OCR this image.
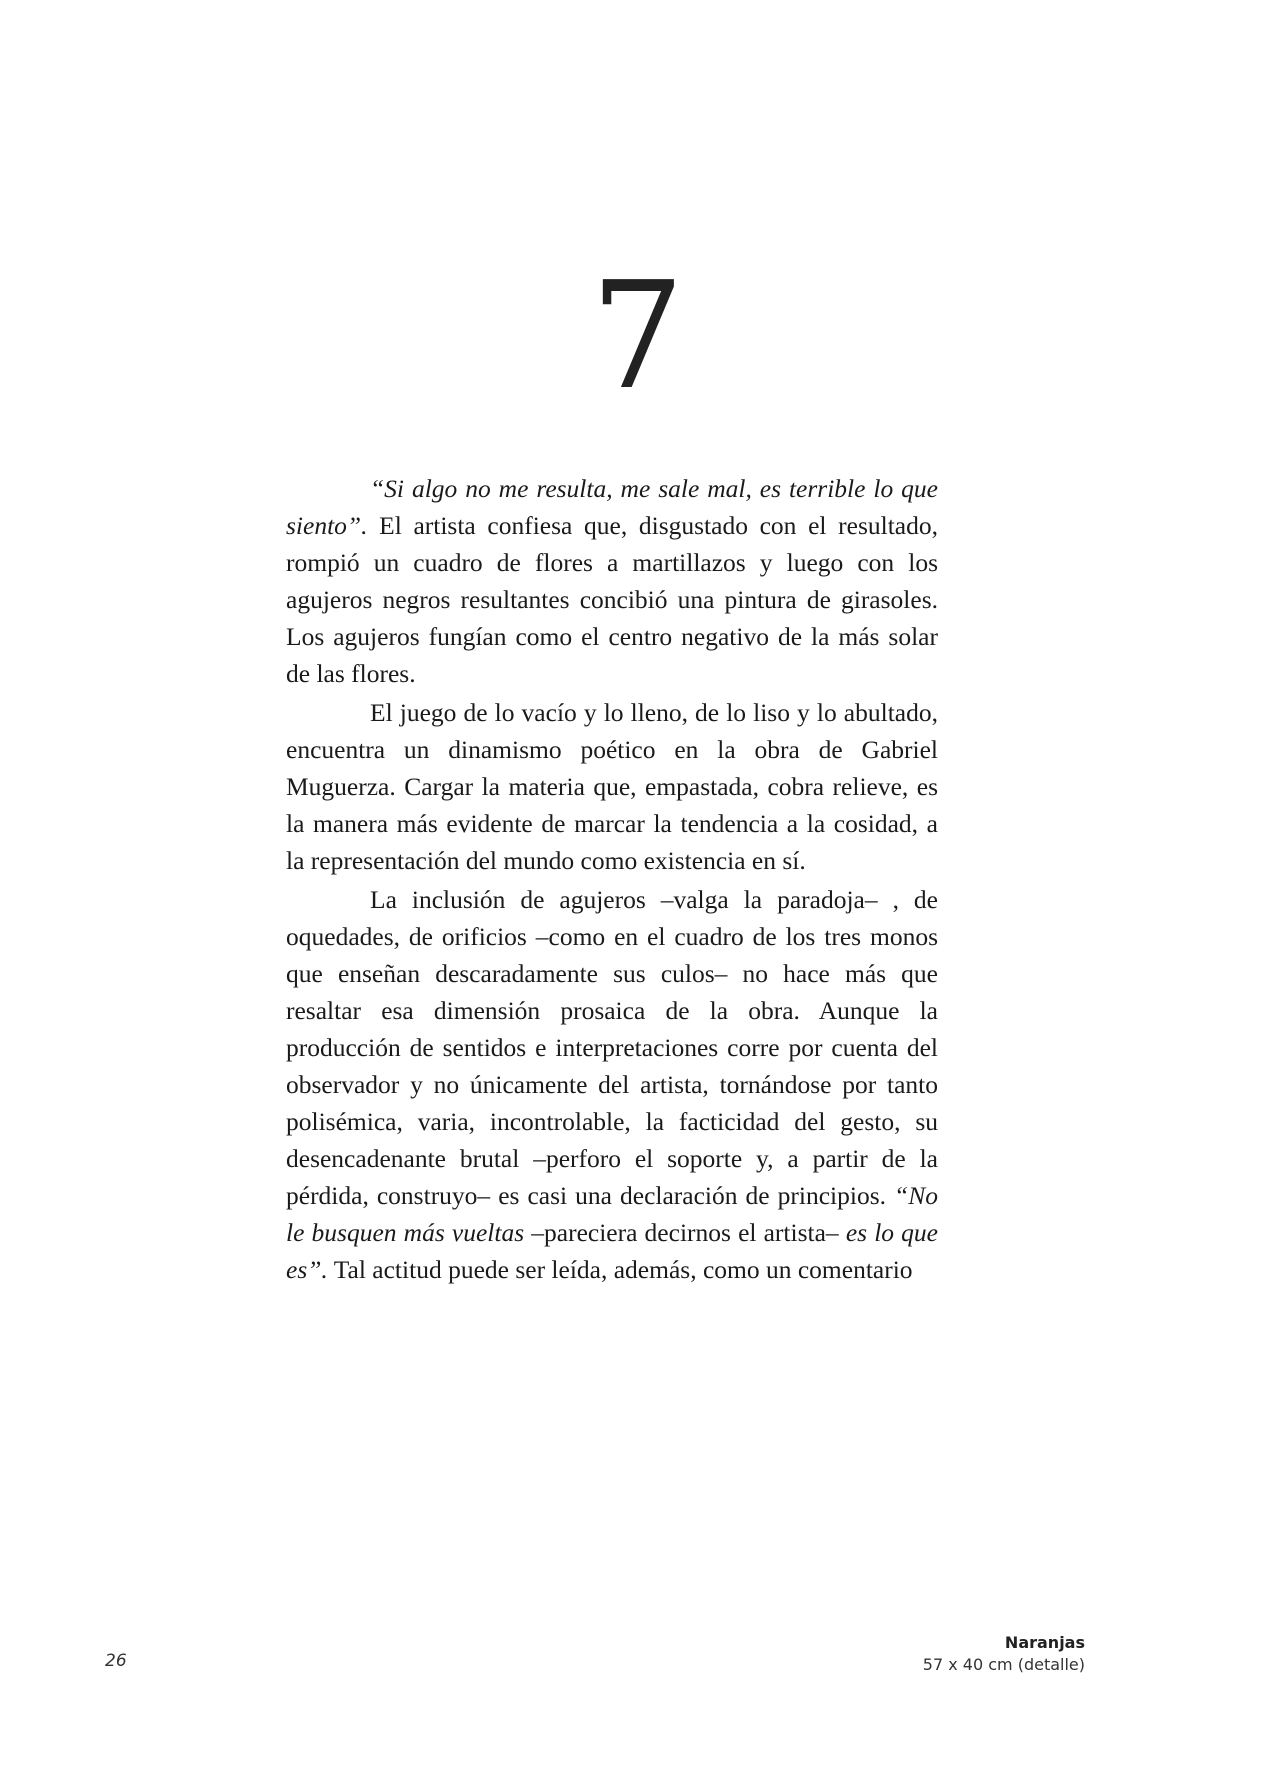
7

“Si algo no me resulta, me sale mal, es terrible lo que siento”. El artista confiesa que, disgustado con el resultado, rompió un cuadro de flores a martillazos y luego con los agujeros negros resultantes concibió una pintura de girasoles. Los agujeros fungían como el centro negativo de la más solar de las flores.

El juego de lo vacío y lo lleno, de lo liso y lo abultado, encuentra un dinamismo poético en la obra de Gabriel Muguerza. Cargar la materia que, empastada, cobra relieve, es la manera más evidente de marcar la tendencia a la cosidad, a la representación del mundo como existencia en sí.

La inclusión de agujeros –valga la paradoja– , de oquedades, de orificios –como en el cuadro de los tres monos que enseñan descaradamente sus culos– no hace más que resaltar esa dimensión prosaica de la obra. Aunque la producción de sentidos e interpretaciones corre por cuenta del observador y no únicamente del artista, tornándose por tanto polisémica, varia, incontrolable, la facticidad del gesto, su desencadenante brutal –perforo el soporte y, a partir de la pérdida, construyo– es casi una declaración de principios. “No le busquen más vueltas –pareciera decirnos el artista– es lo que es”. Tal actitud puede ser leída, además, como un comentario

Naranjas
57 x 40 cm (detalle)
26
